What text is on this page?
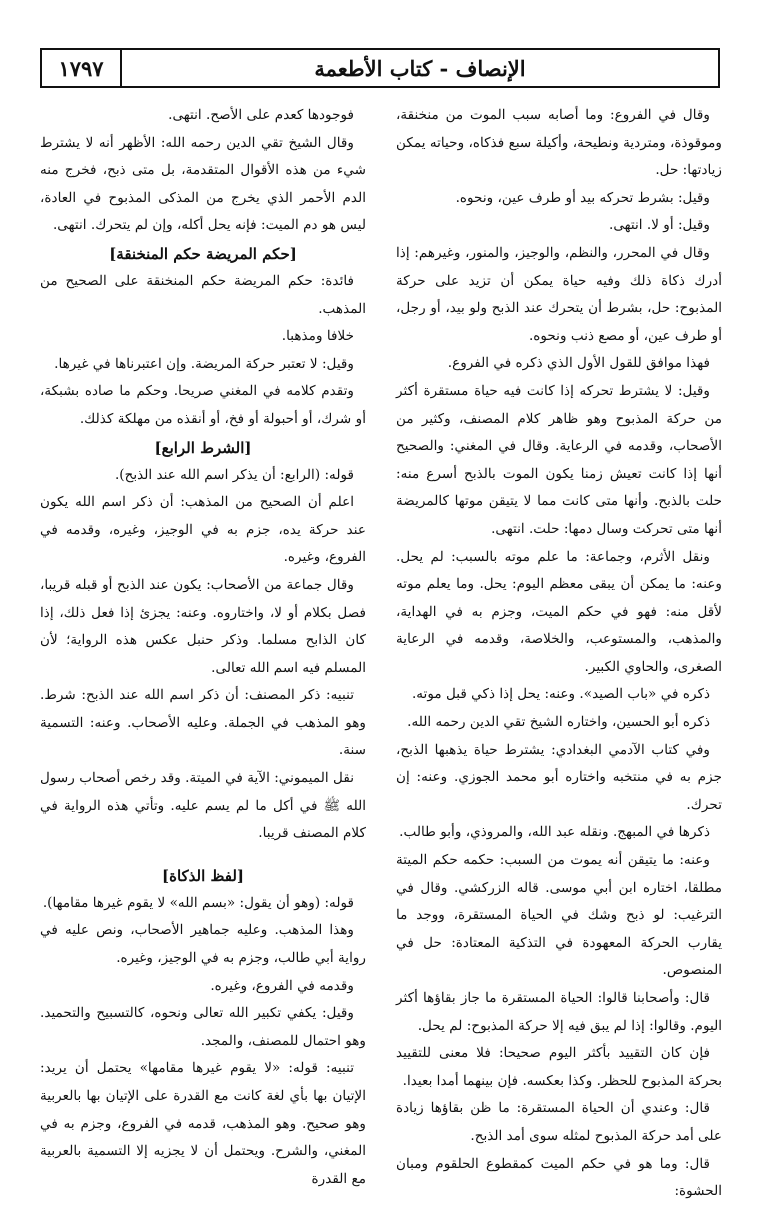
١٧٩٧	الإنصاف - كتاب الأطعمة

وقال في الفروع: وما أصابه سبب الموت من منخنقة، وموقوذة، ومتردية ونطيحة، وأكيلة سبع فذكاه، وحياته يمكن زيادتها: حل.

وقيل: بشرط تحركه بيد أو طرف عين، ونحوه.

وقيل: أو لا. انتهى.

وقال في المحرر، والنظم، والوجيز، والمنور، وغيرهم: إذا أدرك ذكاة ذلك وفيه حياة يمكن أن تزيد على حركة المذبوح: حل، بشرط أن يتحرك عند الذبح ولو بيد، أو رجل، أو طرف عين، أو مصع ذنب ونحوه.

فهذا موافق للقول الأول الذي ذكره في الفروع.

وقيل: لا يشترط تحركه إذا كانت فيه حياة مستقرة أكثر من حركة المذبوح وهو ظاهر كلام المصنف، وكثير من الأصحاب، وقدمه في الرعاية. وقال في المغني: والصحيح أنها إذا كانت تعيش زمنا يكون الموت بالذبح أسرع منه: حلت بالذبح. وأنها متى كانت مما لا يتيقن موتها كالمريضة أنها متى تحركت وسال دمها: حلت. انتهى.

ونقل الأثرم، وجماعة: ما علم موته بالسبب: لم يحل. وعنه: ما يمكن أن يبقى معظم اليوم: يحل. وما يعلم موته لأقل منه: فهو في حكم الميت، وجزم به في الهداية، والمذهب، والمستوعب، والخلاصة، وقدمه في الرعاية الصغرى، والحاوي الكبير.

ذكره في «باب الصيد». وعنه: يحل إذا ذكي قبل موته.

ذكره أبو الحسين، واختاره الشيخ تقي الدين رحمه الله.

وفي كتاب الآدمي البغدادي: يشترط حياة يذهبها الذبح، جزم به في منتخبه واختاره أبو محمد الجوزي. وعنه: إن تحرك.

ذكرها في المبهج. ونقله عبد الله، والمروذي، وأبو طالب.

وعنه: ما يتيقن أنه يموت من السبب: حكمه حكم الميتة مطلقا، اختاره ابن أبي موسى. قاله الزركشي. وقال في الترغيب: لو ذبح وشك في الحياة المستقرة، ووجد ما يقارب الحركة المعهودة في التذكية المعتادة: حل في المنصوص.

قال: وأصحابنا قالوا: الحياة المستقرة ما جاز بقاؤها أكثر اليوم. وقالوا: إذا لم يبق فيه إلا حركة المذبوح: لم يحل.

فإن كان التقييد بأكثر اليوم صحيحا: فلا معنى للتقييد بحركة المذبوح للحظر. وكذا بعكسه. فإن بينهما أمدا بعيدا.

قال: وعندي أن الحياة المستقرة: ما ظن بقاؤها زيادة على أمد حركة المذبوح لمثله سوى أمد الذبح.

قال: وما هو في حكم الميت كمقطوع الحلقوم ومبان الحشوة:

فوجودها كعدم على الأصح. انتهى.

وقال الشيخ تقي الدين رحمه الله: الأظهر أنه لا يشترط شيء من هذه الأقوال المتقدمة، بل متى ذبح، فخرج منه الدم الأحمر الذي يخرج من المذكى المذبوح في العادة، ليس هو دم الميت: فإنه يحل أكله، وإن لم يتحرك. انتهى.

[حكم المريضة حكم المنخنقة]

فائدة: حكم المريضة حكم المنخنقة على الصحيح من المذهب.

خلافا ومذهبا.

وقيل: لا تعتبر حركة المريضة. وإن اعتبرناها في غيرها.

وتقدم كلامه في المغني صريحا. وحكم ما صاده بشبكة، أو شرك، أو أحبولة أو فخ، أو أنقذه من مهلكة كذلك.

[الشرط الرابع]

قوله: (الرابع: أن يذكر اسم الله عند الذبح).

اعلم أن الصحيح من المذهب: أن ذكر اسم الله يكون عند حركة يده، جزم به في الوجيز، وغيره، وقدمه في الفروع، وغيره.

وقال جماعة من الأصحاب: يكون عند الذبح أو قبله قريبا، فصل بكلام أو لا، واختاروه. وعنه: يجزئ إذا فعل ذلك، إذا كان الذابح مسلما. وذكر حنبل عكس هذه الرواية؛ لأن المسلم فيه اسم الله تعالى.

تنبيه: ذكر المصنف: أن ذكر اسم الله عند الذبح: شرط. وهو المذهب في الجملة. وعليه الأصحاب. وعنه: التسمية سنة.

نقل الميموني: الآية في الميتة. وقد رخص أصحاب رسول الله ﷺ في أكل ما لم يسم عليه. وتأتي هذه الرواية في كلام المصنف قريبا.

[لفظ الذكاة]

قوله: (وهو أن يقول: «بسم الله» لا يقوم غيرها مقامها).

وهذا المذهب. وعليه جماهير الأصحاب، ونص عليه في رواية أبي طالب، وجزم به في الوجيز، وغيره.

وقدمه في الفروع، وغيره.

وقيل: يكفي تكبير الله تعالى ونحوه، كالتسبيح والتحميد. وهو احتمال للمصنف، والمجد.

تنبيه: قوله: «لا يقوم غيرها مقامها» يحتمل أن يريد: الإتيان بها بأي لغة كانت مع القدرة على الإتيان بها بالعربية وهو صحيح. وهو المذهب، قدمه في الفروع، وجزم به في المغني، والشرح. ويحتمل أن لا يجزيه إلا التسمية بالعربية مع القدرة
